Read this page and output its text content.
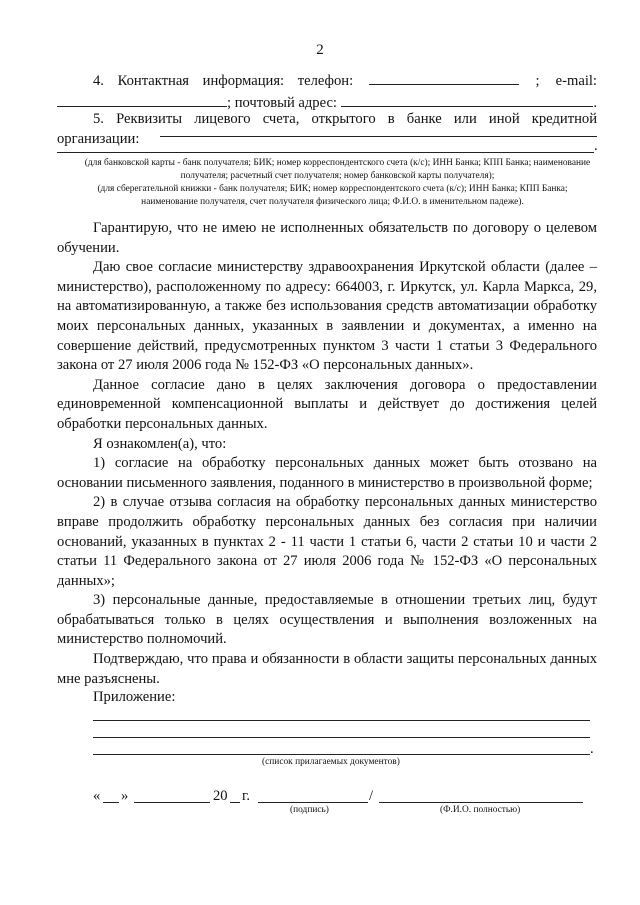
2
4. Контактная информация: телефон:	; e-mail:
; почтовый адрес:	.

5. Реквизиты лицевого счета, открытого в банке или иной кредитной организации:	.
(для банковской карты - банк получателя; БИК; номер корреспондентского счета (к/с); ИНН Банка; КПП Банка; наименование получателя; расчетный счет получателя; номер банковской карты получателя);
(для сберегательной книжки - банк получателя; БИК; номер корреспондентского счета (к/с); ИНН Банка; КПП Банка; наименование получателя, счет получателя физического лица; Ф.И.О. в именительном падеже).

Гарантирую, что не имею не исполненных обязательств по договору о целевом обучении.

Даю свое согласие министерству здравоохранения Иркутской области (далее – министерство), расположенному по адресу: 664003, г. Иркутск, ул. Карла Маркса, 29, на автоматизированную, а также без использования средств автоматизации обработку моих персональных данных, указанных в заявлении и документах, а именно на совершение действий, предусмотренных пунктом 3 части 1 статьи 3 Федерального закона от 27 июля 2006 года № 152-ФЗ «О персональных данных».

Данное согласие дано в целях заключения договора о предоставлении единовременной компенсационной выплаты и действует до достижения целей обработки персональных данных.

Я ознакомлен(а), что:

1) согласие на обработку персональных данных может быть отозвано на основании письменного заявления, поданного в министерство в произвольной форме;

2) в случае отзыва согласия на обработку персональных данных министерство вправе продолжить обработку персональных данных без согласия при наличии оснований, указанных в пунктах 2 - 11 части 1 статьи 6, части 2 статьи 10 и части 2 статьи 11 Федерального закона от 27 июля 2006 года № 152-ФЗ «О персональных данных»;

3) персональные данные, предоставляемые в отношении третьих лиц, будут обрабатываться только в целях осуществления и выполнения возложенных на министерство полномочий.

Подтверждаю, что права и обязанности в области защиты персональных данных мне разъяснены.

Приложение:
.
(список прилагаемых документов)
« »	20 г.	/
(подпись)	(Ф.И.О. полностью)
